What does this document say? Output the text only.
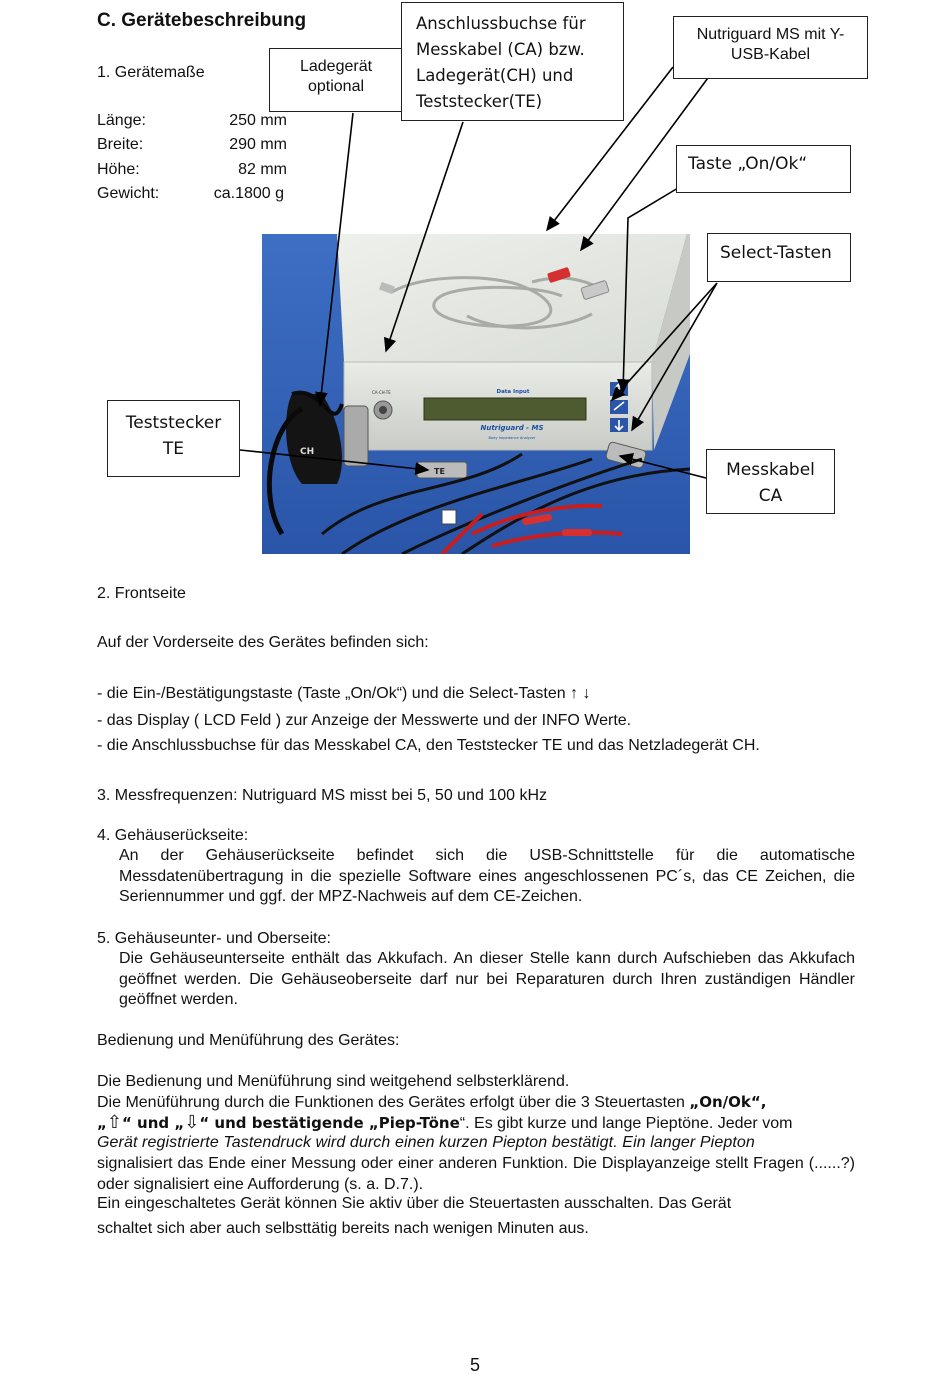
C. Gerätebeschreibung
1. Gerätemaße
Länge:	250 mm
Breite:	290 mm
Höhe:	82 mm
Gewicht:	ca.1800 g
CA-CH-TE	Data Input
Nutriguard - MS
Body Impedance Analyzer
CH
TE
Ladegerät
optional
Anschlussbuchse für
Messkabel (CA) bzw.
Ladegerät(CH) und
Teststecker(TE)
Nutriguard MS mit Y-
USB-Kabel
Taste „On/Ok“
Select-Tasten
Teststecker
TE
Messkabel
CA
2. Frontseite
Auf der Vorderseite des Gerätes befinden sich:
- die Ein-/Bestätigungstaste (Taste „On/Ok“) und die Select-Tasten ↑ ↓
- das Display ( LCD Feld ) zur Anzeige der Messwerte und der INFO Werte.
- die Anschlussbuchse für das Messkabel CA, den Teststecker TE und das Netzladegerät CH.
3. Messfrequenzen: Nutriguard MS misst bei 5, 50 und 100 kHz
4. Gehäuserückseite:
An der Gehäuserückseite befindet sich die USB-Schnittstelle für die automatische Messdatenübertragung in die spezielle Software eines angeschlossenen PC´s, das CE Zeichen, die Seriennummer und ggf. der MPZ-Nachweis auf dem CE-Zeichen.
5. Gehäuseunter- und Oberseite:
Die Gehäuseunterseite enthält das Akkufach. An dieser Stelle kann durch Aufschieben das Akkufach geöffnet werden. Die Gehäuseoberseite darf nur bei Reparaturen durch Ihren zuständigen Händler geöffnet werden.
Bedienung und Menüführung des Gerätes:
Die Bedienung und Menüführung sind weitgehend selbsterklärend.
Die Menüführung durch die Funktionen des Gerätes erfolgt über die 3 Steuertasten „On/Ok“,
„⇧“ und „⇩“ und bestätigende „Piep-Töne“. Es gibt kurze und lange Pieptöne. Jeder vom
Gerät registrierte Tastendruck wird durch einen kurzen Piepton bestätigt. Ein langer Piepton
signalisiert das Ende einer Messung oder einer anderen Funktion. Die Displayanzeige stellt Fragen (......?) oder signalisiert eine Aufforderung (s. a. D.7.).
Ein eingeschaltetes Gerät können Sie aktiv über die Steuertasten ausschalten. Das Gerät
schaltet sich aber auch selbsttätig bereits nach wenigen Minuten aus.
5
